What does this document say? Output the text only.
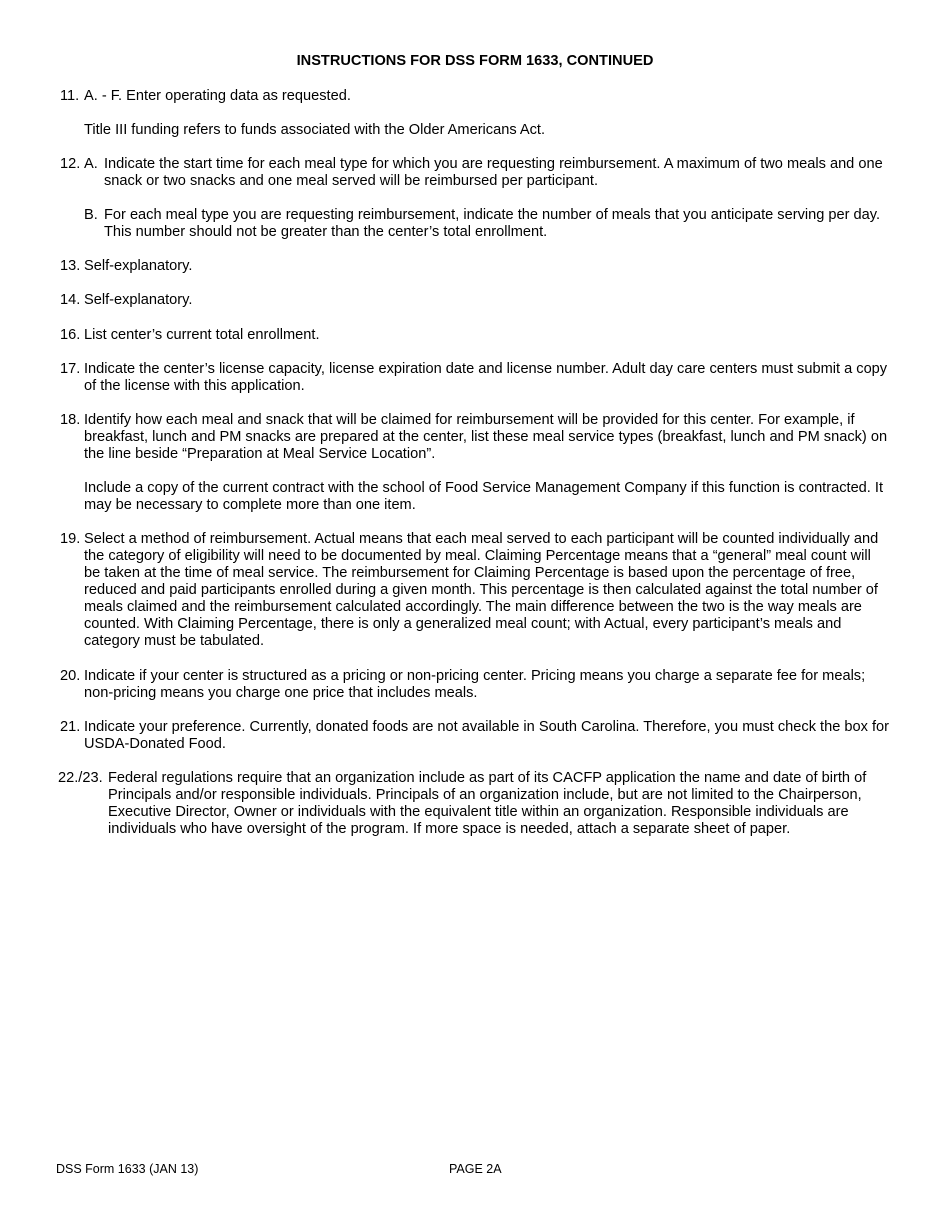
INSTRUCTIONS FOR DSS FORM 1633, CONTINUED
11. A. - F. Enter operating data as requested.
Title III funding refers to funds associated with the Older Americans Act.
12. A. Indicate the start time for each meal type for which you are requesting reimbursement. A maximum of two meals and one snack or two snacks and one meal served will be reimbursed per participant.
B. For each meal type you are requesting reimbursement, indicate the number of meals that you anticipate serving per day. This number should not be greater than the center’s total enrollment.
13. Self-explanatory.
14. Self-explanatory.
16. List center’s current total enrollment.
17. Indicate the center’s license capacity, license expiration date and license number. Adult day care centers must submit a copy of the license with this application.
18. Identify how each meal and snack that will be claimed for reimbursement will be provided for this center. For example, if breakfast, lunch and PM snacks are prepared at the center, list these meal service types (breakfast, lunch and PM snack) on the line beside “Preparation at Meal Service Location”.
Include a copy of the current contract with the school of Food Service Management Company if this function is contracted. It may be necessary to complete more than one item.
19. Select a method of reimbursement. Actual means that each meal served to each participant will be counted individually and the category of eligibility will need to be documented by meal. Claiming Percentage means that a “general” meal count will be taken at the time of meal service. The reimbursement for Claiming Percentage is based upon the percentage of free, reduced and paid participants enrolled during a given month. This percentage is then calculated against the total number of meals claimed and the reimbursement calculated accordingly. The main difference between the two is the way meals are counted. With Claiming Percentage, there is only a generalized meal count; with Actual, every participant’s meals and category must be tabulated.
20. Indicate if your center is structured as a pricing or non-pricing center. Pricing means you charge a separate fee for meals; non-pricing means you charge one price that includes meals.
21. Indicate your preference. Currently, donated foods are not available in South Carolina. Therefore, you must check the box for USDA-Donated Food.
22./23. Federal regulations require that an organization include as part of its CACFP application the name and date of birth of Principals and/or responsible individuals. Principals of an organization include, but are not limited to the Chairperson, Executive Director, Owner or individuals with the equivalent title within an organization. Responsible individuals are individuals who have oversight of the program. If more space is needed, attach a separate sheet of paper.
DSS Form 1633 (JAN 13)	PAGE 2A
